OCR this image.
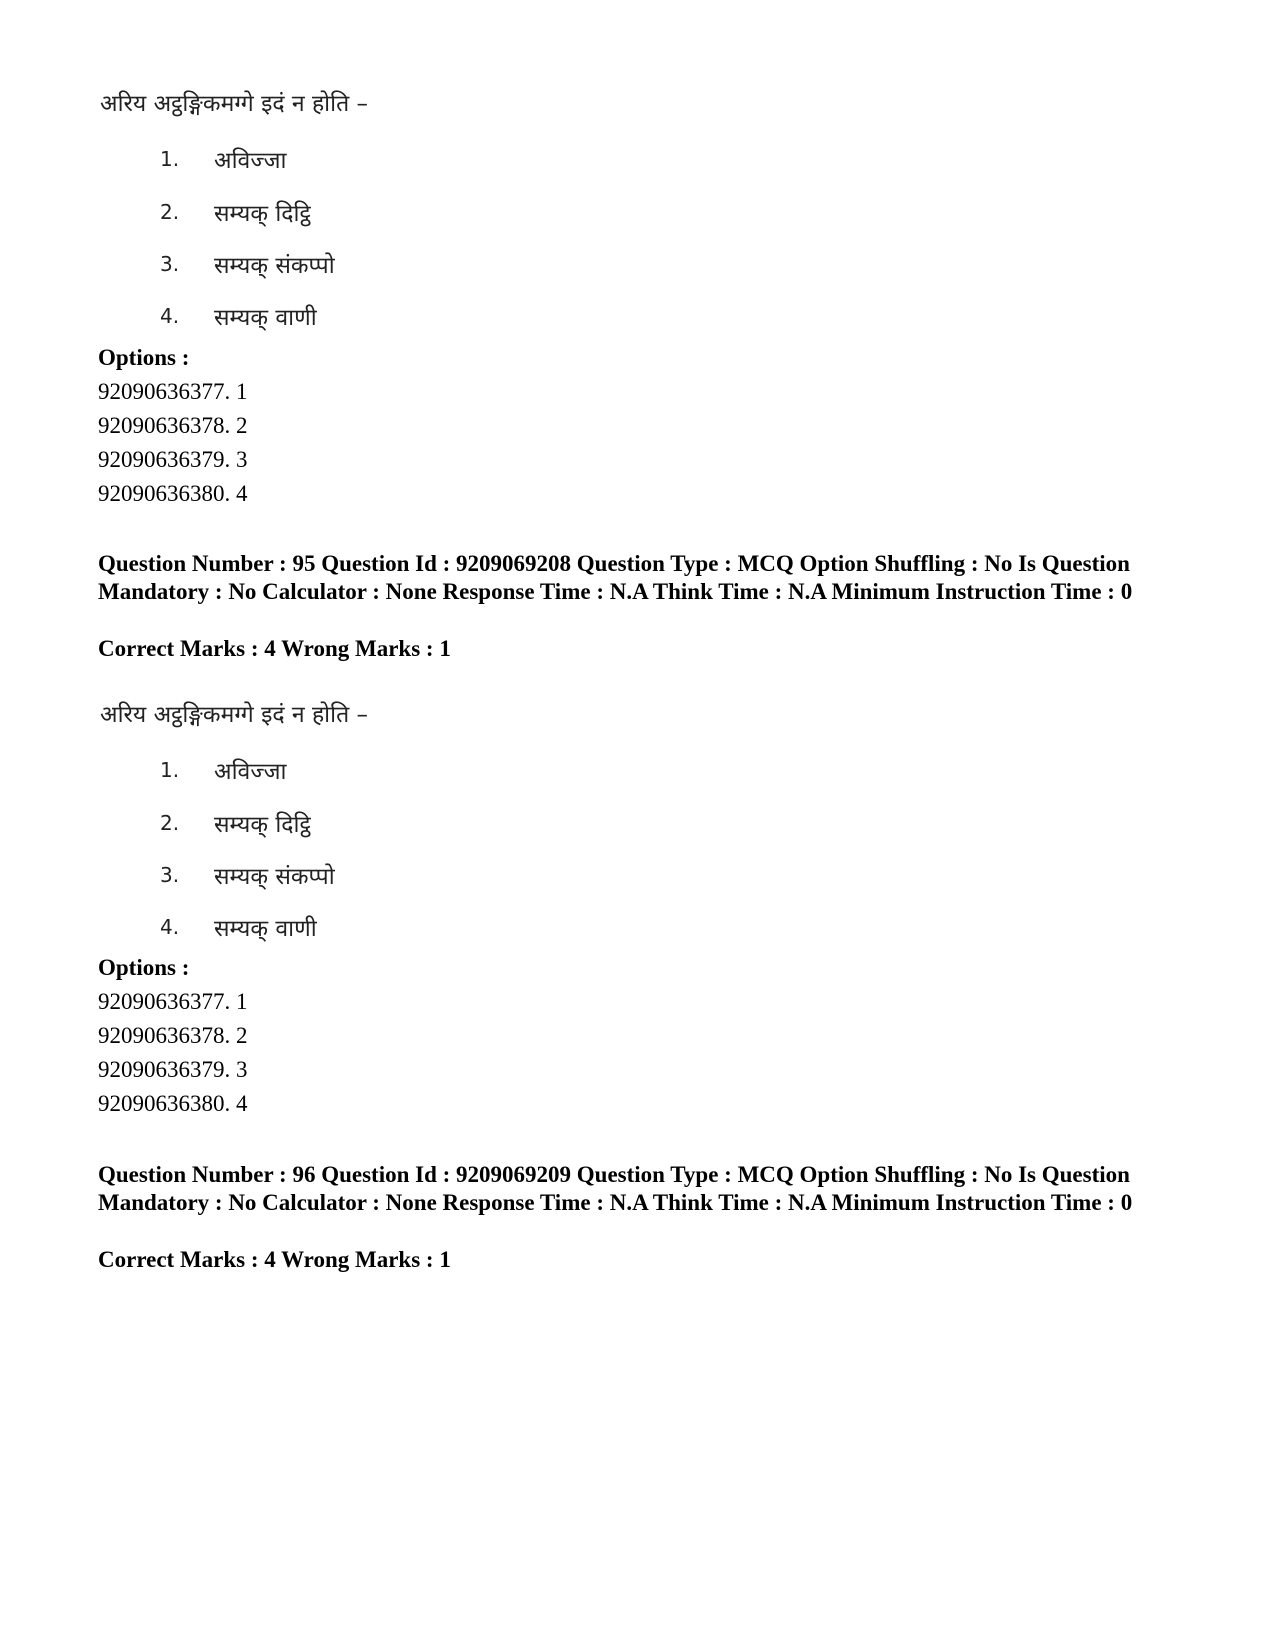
अरिय अट्ठङ्गिकमग्गे इदं न होति –
1. अविज्जा
2. सम्यक् दिट्ठि
3. सम्यक् संकप्पो
4. सम्यक् वाणी
Options :
92090636377. 1
92090636378. 2
92090636379. 3
92090636380. 4
Question Number : 95 Question Id : 9209069208 Question Type : MCQ Option Shuffling : No Is Question Mandatory : No Calculator : None Response Time : N.A Think Time : N.A Minimum Instruction Time : 0
Correct Marks : 4 Wrong Marks : 1
अरिय अट्ठङ्गिकमग्गे इदं न होति –
1. अविज्जा
2. सम्यक् दिट्ठि
3. सम्यक् संकप्पो
4. सम्यक् वाणी
Options :
92090636377. 1
92090636378. 2
92090636379. 3
92090636380. 4
Question Number : 96 Question Id : 9209069209 Question Type : MCQ Option Shuffling : No Is Question Mandatory : No Calculator : None Response Time : N.A Think Time : N.A Minimum Instruction Time : 0
Correct Marks : 4 Wrong Marks : 1
